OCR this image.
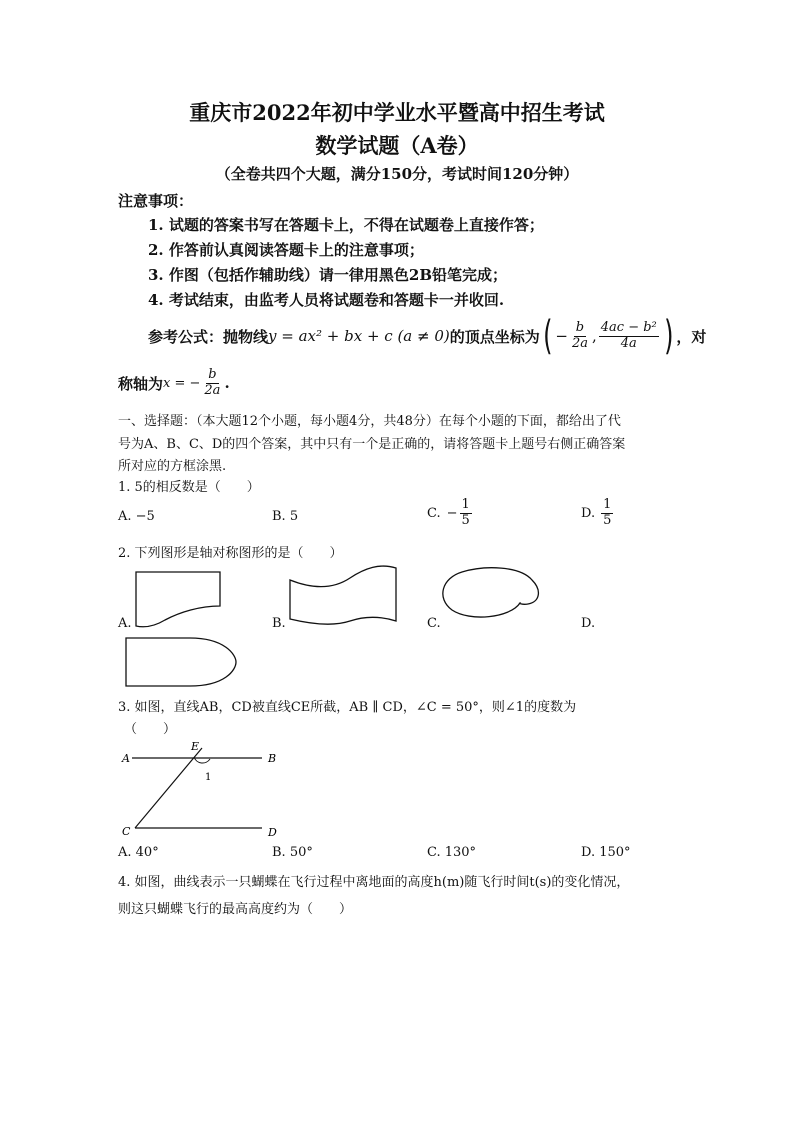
重庆市2022年初中学业水平暨高中招生考试
数学试题（A卷）
（全卷共四个大题，满分150分，考试时间120分钟）
注意事项：
1. 试题的答案书写在答题卡上，不得在试题卷上直接作答；
2. 作答前认真阅读答题卡上的注意事项；
3. 作图（包括作辅助线）请一律用黑色2B铅笔完成；
4. 考试结束，由监考人员将试题卷和答题卡一并收回.
参考公式：抛物线 y = ax² + bx + c (a ≠ 0) 的顶点坐标为 ( − $\frac{b}{2a}$ , $\frac{\text{4ac − b²}}{4a}$ ) ，对
称轴为 x = − $\frac{b}{2a}$ .
一、选择题：（本大题12个小题，每小题4分，共48分）在每个小题的下面，都给出了代
号为A、B、C、D的四个答案，其中只有一个是正确的，请将答题卡上题号右侧正确答案
所对应的方框涂黑.
1. 5的相反数是（　　）
A. −5	B. 5	C. − $\frac{1}{5}$	D. $\frac{1}{5}$
2. 下列图形是轴对称图形的是（　　）
A.	B.	C.	D.
3. 如图，直线AB，CD被直线CE所截，AB ∥ CD，∠C = 50°，则∠1的度数为
（　　）
A	B
C	D
E
1
A. 40°	B. 50°	C. 130°	D. 150°
4. 如图，曲线表示一只蝴蝶在飞行过程中离地面的高度h(m)随飞行时间t(s)的变化情况，
则这只蝴蝶飞行的最高高度约为（　　）
